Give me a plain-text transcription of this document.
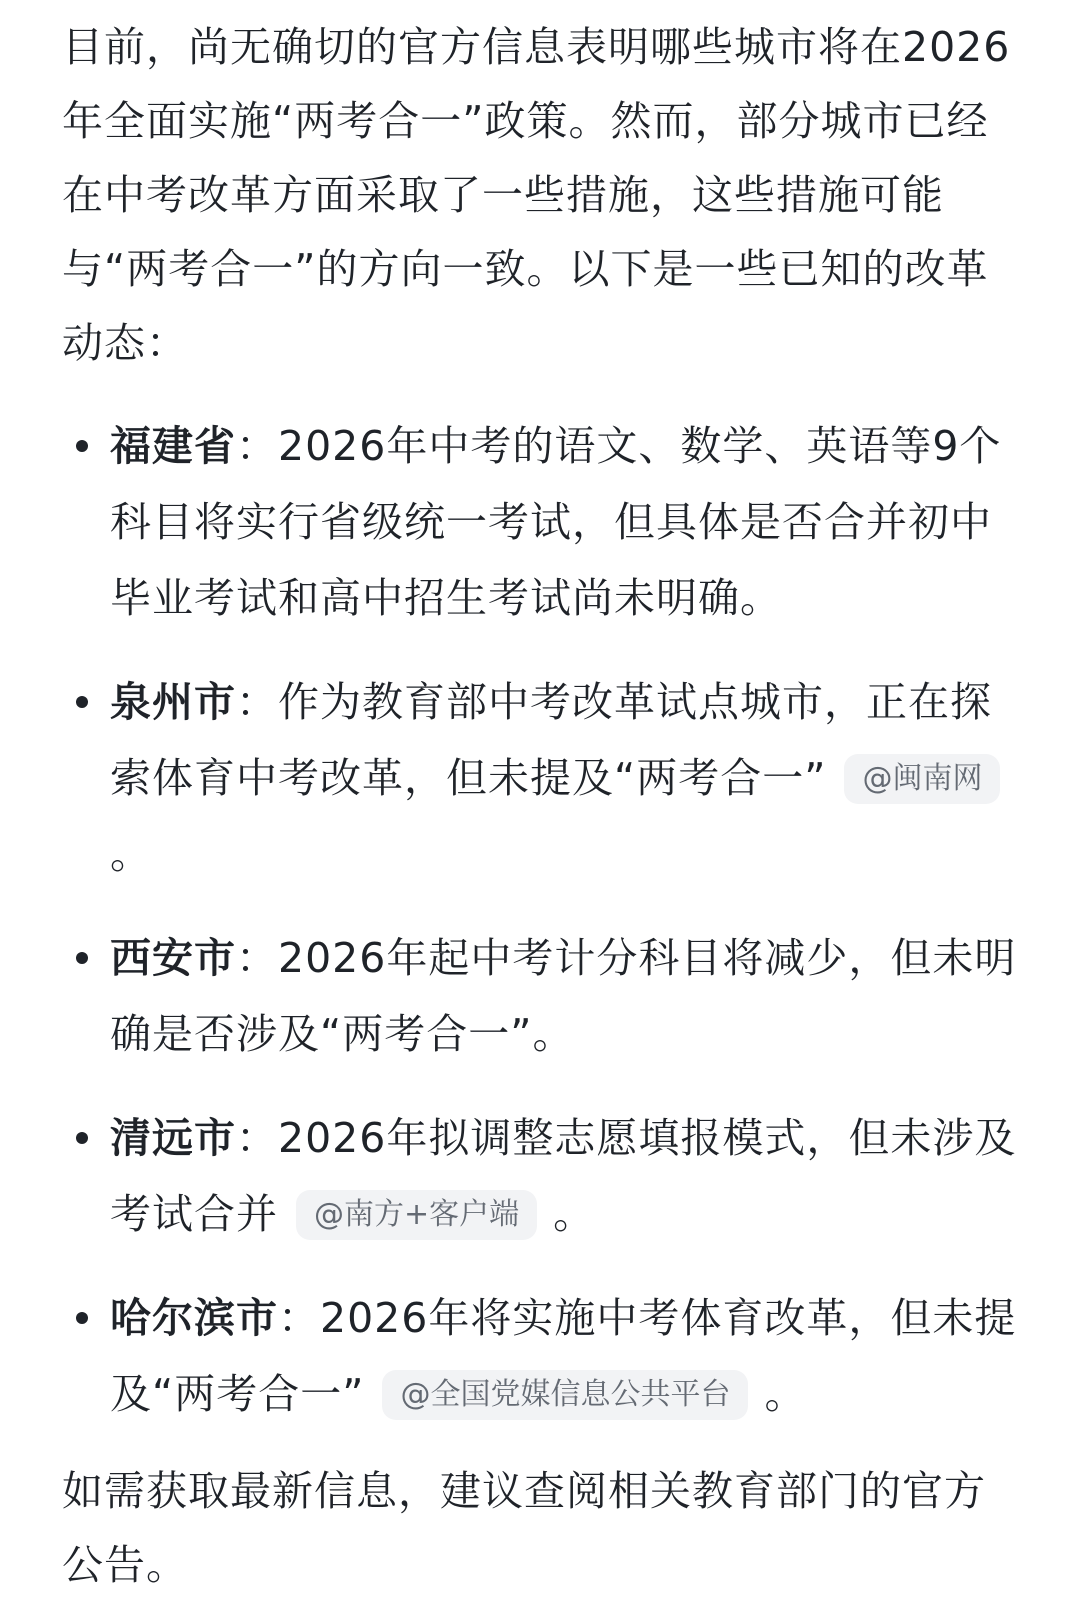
目前，尚无确切的官方信息表明哪些城市将在2026年全面实施“两考合一”政策。然而，部分城市已经在中考改革方面采取了一些措施，这些措施可能与“两考合一”的方向一致。以下是一些已知的改革动态：

福建省：2026年中考的语文、数学、英语等9个科目将实行省级统一考试，但具体是否合并初中毕业考试和高中招生考试尚未明确。
泉州市：作为教育部中考改革试点城市，正在探索体育中考改革，但未提及“两考合一” @闽南网。
西安市：2026年起中考计分科目将减少，但未明确是否涉及“两考合一”。
清远市：2026年拟调整志愿填报模式，但未涉及考试合并 @南方+客户端 。
哈尔滨市：2026年将实施中考体育改革，但未提及“两考合一” @全国党媒信息公共平台 。

如需获取最新信息，建议查阅相关教育部门的官方公告。
